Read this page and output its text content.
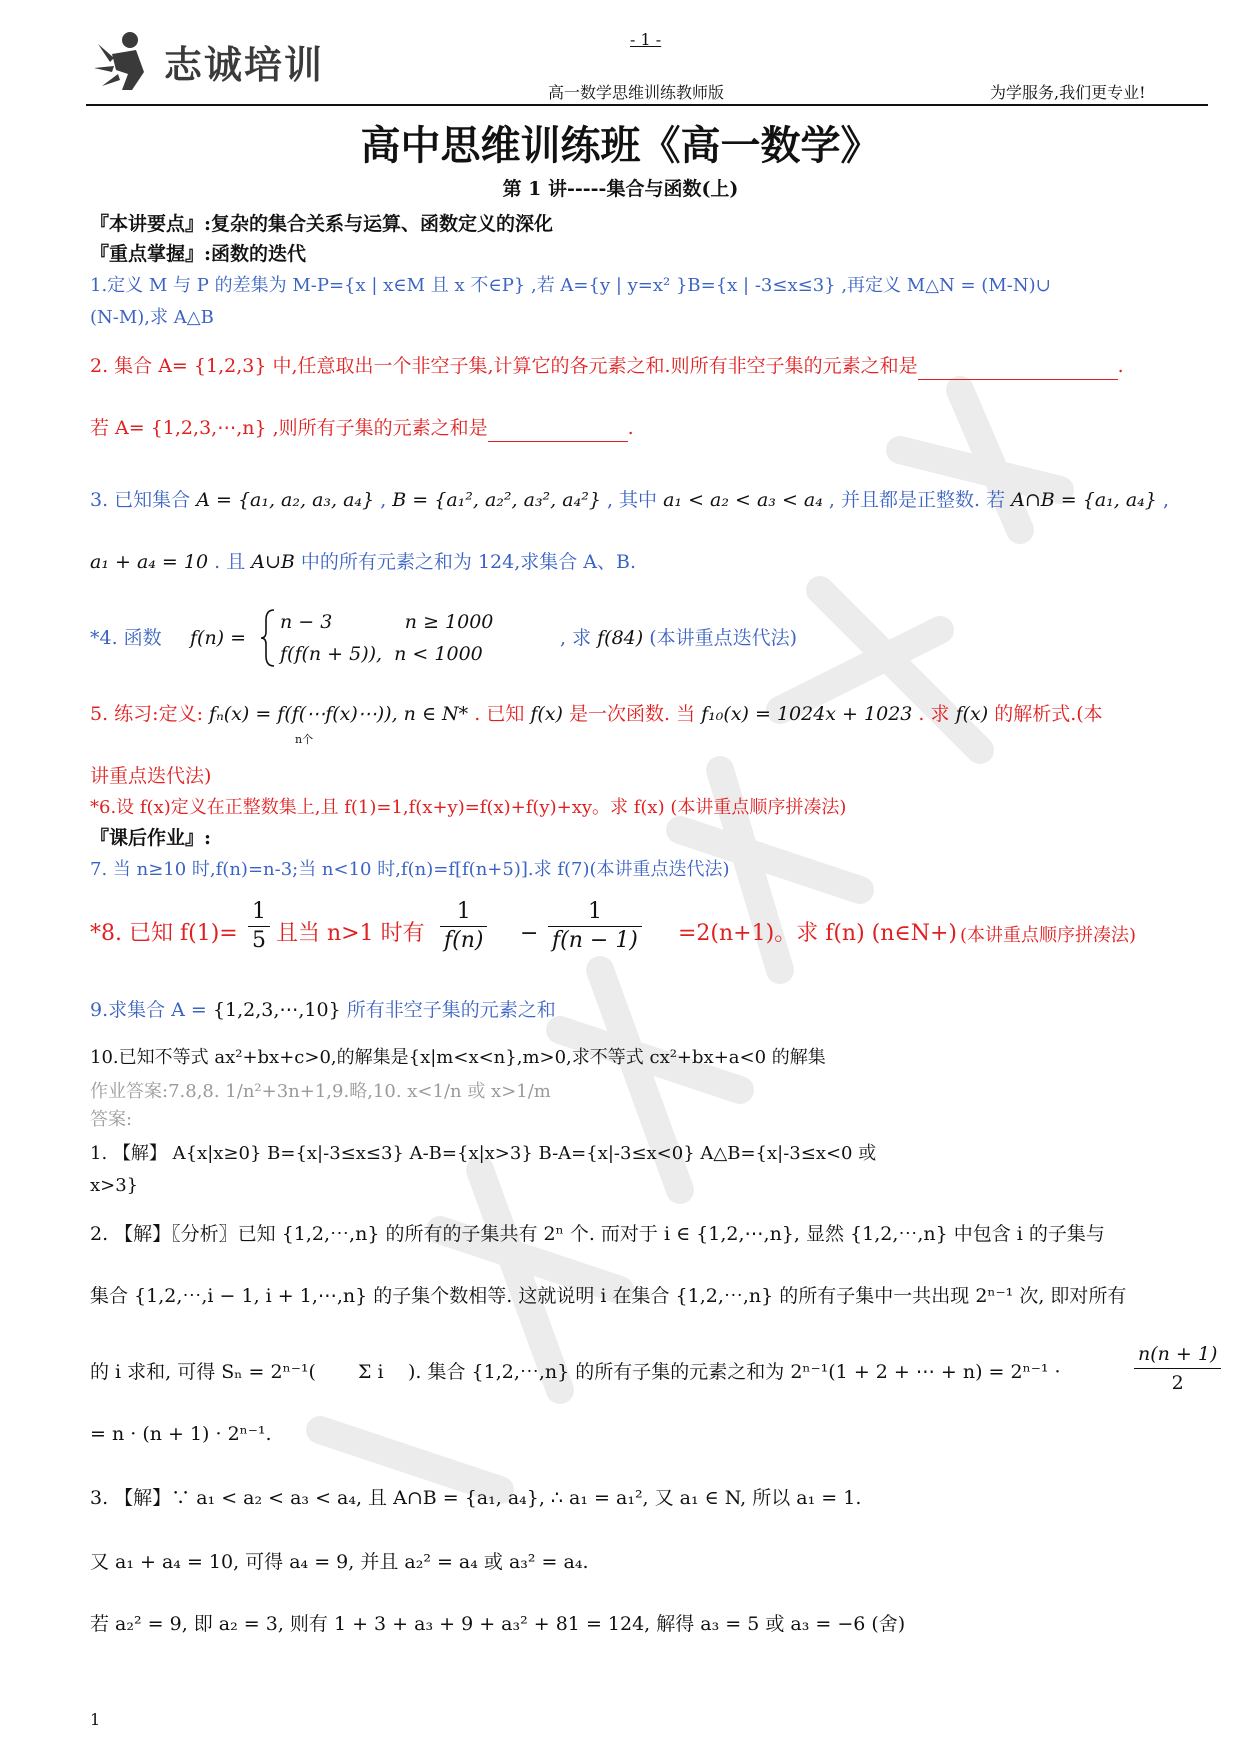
志诚培训
- 1 -
高一数学思维训练教师版	为学服务,我们更专业!
高中思维训练班《高一数学》
第 1 讲-----集合与函数(上)
『本讲要点』:复杂的集合关系与运算、函数定义的深化
『重点掌握』:函数的迭代
1.定义 M 与 P 的差集为 M-P={x | x∈M 且 x 不∈P} ,若 A={y | y=x² }B={x | -3≤x≤3} ,再定义 M△N = (M-N)∪
(N-M),求 A△B
2. 集合 A= {1,2,3} 中,任意取出一个非空子集,计算它的各元素之和.则所有非空子集的元素之和是	.
若 A= {1,2,3,⋯,n} ,则所有子集的元素之和是	.
3. 已知集合 A = {a₁, a₂, a₃, a₄} , B = {a₁², a₂², a₃², a₄²} , 其中 a₁ < a₂ < a₃ < a₄ , 并且都是正整数. 若 A∩B = {a₁, a₄} ,
a₁ + a₄ = 10 . 且 A∪B 中的所有元素之和为 124,求集合 A、B.
*4. 函数 f(n) =
n − 3            n ≥ 1000
f(f(n + 5)),  n < 1000
, 求 f(84) (本讲重点迭代法)
5. 练习:定义: fₙ(x) = f(f(⋯f(x)⋯)), n ∈ N*
n个
. 已知 f(x) 是一次函数. 当 f₁₀(x) = 1024x + 1023 . 求 f(x) 的解析式.(本
讲重点迭代法)
*6.设 f(x)定义在正整数集上,且 f(1)=1,f(x+y)=f(x)+f(y)+xy。求 f(x) (本讲重点顺序拼凑法)
『课后作业』:
7. 当 n≥10 时,f(n)=n-3;当 n<10 时,f(n)=f[f(n+5)].求 f(7)(本讲重点迭代法)
*8. 已知 $f(1)= \frac{1}{5}$ 且当 n>1 时有 $\frac{1}{f(n)} - \frac{1}{f(n - 1)} =2(n+1)$。求 f(n) (n∈N+) (本讲重点顺序拼凑法)
9.求集合 A = {1,2,3,⋯,10} 所有非空子集的元素之和
10.已知不等式 ax²+bx+c>0,的解集是{x|m<x<n},m>0,求不等式 cx²+bx+a<0 的解集
作业答案:7.8,8. 1/n²+3n+1,9.略,10. x<1/n 或 x>1/m
答案:
1. 【解】 A{x|x≥0} B={x|-3≤x≤3} A-B={x|x>3} B-A={x|-3≤x<0} A△B={x|-3≤x<0 或
x>3}
2. 【解】〖分析〗已知 {1,2,⋯,n} 的所有的子集共有 2ⁿ 个. 而对于 i ∈ {1,2,⋯,n}, 显然 {1,2,⋯,n} 中包含 i 的子集与
集合 {1,2,⋯,i − 1, i + 1,⋯,n} 的子集个数相等. 这就说明 i 在集合 {1,2,⋯,n} 的所有子集中一共出现 2ⁿ⁻¹ 次, 即对所有
的 i 求和, 可得 Sₙ = 2ⁿ⁻¹( Σ i ). 集合 {1,2,⋯,n} 的所有子集的元素之和为 2ⁿ⁻¹(1 + 2 + ⋯ + n) = 2ⁿ⁻¹ ·	$\frac{n(n + 1)}{2}$
= n · (n + 1) · 2ⁿ⁻¹.
3. 【解】∵ a₁ < a₂ < a₃ < a₄, 且 A∩B = {a₁, a₄}, ∴ a₁ = a₁², 又 a₁ ∈ N, 所以 a₁ = 1.
又 a₁ + a₄ = 10, 可得 a₄ = 9, 并且 a₂² = a₄ 或 a₃² = a₄.
若 a₂² = 9, 即 a₂ = 3, 则有 1 + 3 + a₃ + 9 + a₃² + 81 = 124, 解得 a₃ = 5 或 a₃ = −6 (舍)
1
